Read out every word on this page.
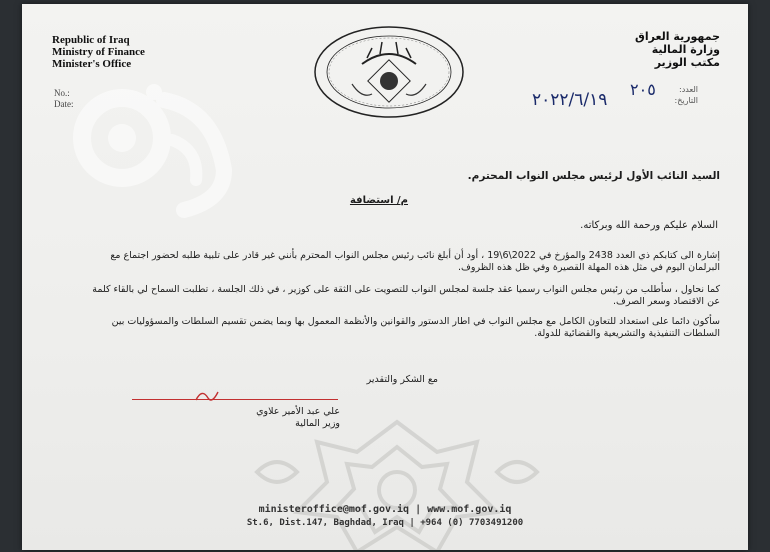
Republic of Iraq
Ministry of Finance
Minister's Office
No.:
Date:
جمهورية العراق
وزارة المالية
مكتب الوزير
العدد:
التاريخ:
٢٠٥
٢٠٢٢/٦/١٩
السيد النائب الأول لرئيس مجلس النواب المحترم.
م/ استضافة
السلام عليكم ورحمة الله وبركاته.
إشارة الى كتابكم ذي العدد 2438 والمؤرخ في 2022\6\19 ، أود أن أبلغ نائب رئيس مجلس النواب المحترم بأنني غير قادر على تلبية طلبه لحضور اجتماع مع البرلمان اليوم في مثل هذه المهلة القصيرة وفي ظل هذه الظروف.
كما نحاول ، سأطلب من رئيس مجلس النواب رسميا عقد جلسة لمجلس النواب للتصويت على الثقة على كوزير ، في ذلك الجلسة ، تطلبت السماح لي بالقاء كلمة عن الاقتصاد وسعر الصرف.
سأكون دائما على استعداد للتعاون الكامل مع مجلس النواب في اطار الدستور والقوانين والأنظمة المعمول بها وبما يضمن تقسيم السلطات والمسؤوليات بين السلطات التنفيذية والتشريعية والقضائية للدولة.
مع الشكر والتقدير
علي عبد الأمير علاوي
وزير المالية
ministeroffice@mof.gov.iq | www.mof.gov.iq
St.6, Dist.147, Baghdad, Iraq | +964 (0) 7703491200
